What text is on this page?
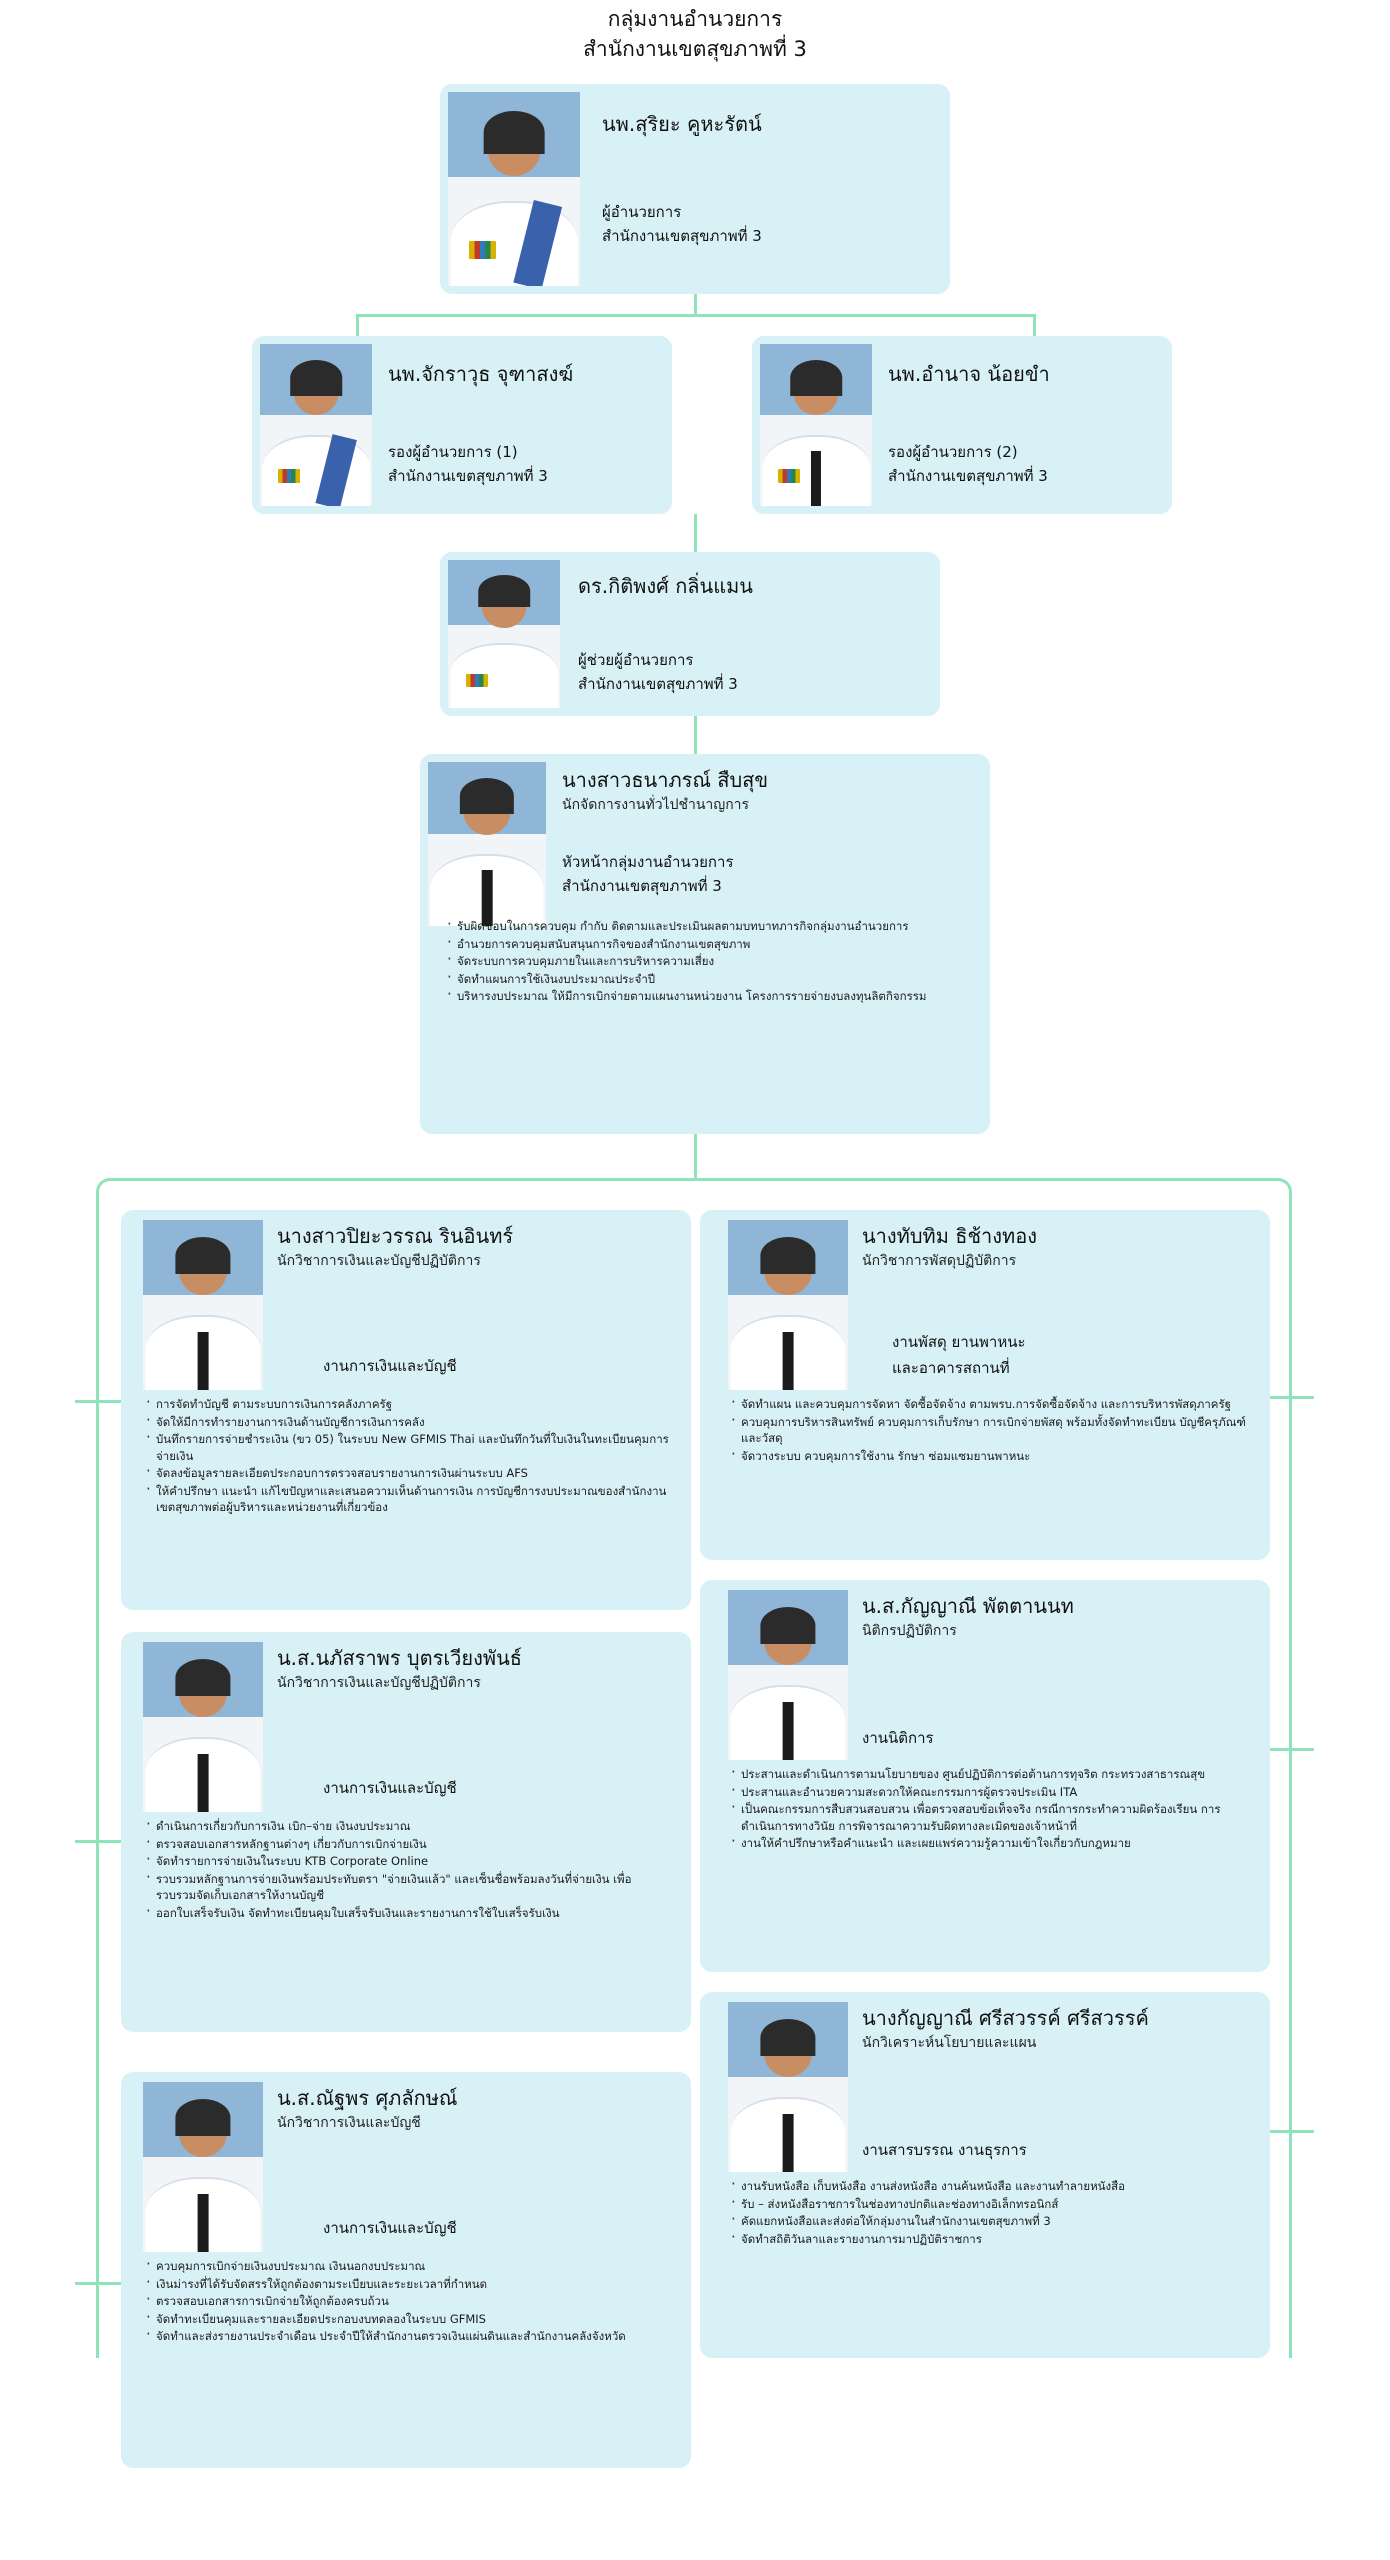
กลุ่มงานอำนวยการ
สำนักงานเขตสุขภาพที่ 3
นพ.สุริยะ คูหะรัตน์
ผู้อำนวยการ
สำนักงานเขตสุขภาพที่ 3
นพ.จักราวุธ จุฑาสงฆ์
รองผู้อำนวยการ (1)
สำนักงานเขตสุขภาพที่ 3
นพ.อำนาจ น้อยขำ
รองผู้อำนวยการ (2)
สำนักงานเขตสุขภาพที่ 3
ดร.กิติพงศ์ กลิ่นแมน
ผู้ช่วยผู้อำนวยการ
สำนักงานเขตสุขภาพที่ 3
นางสาวธนาภรณ์ สืบสุข
นักจัดการงานทั่วไปชำนาญการ
หัวหน้ากลุ่มงานอำนวยการ
สำนักงานเขตสุขภาพที่ 3
· รับผิดชอบในการควบคุม กำกับ ติดตามและประเมินผลตามบทบาทภารกิจกลุ่มงานอำนวยการ
· อำนวยการควบคุมสนับสนุนการกิจของสำนักงานเขตสุขภาพ
· จัดระบบการควบคุมภายในและการบริหารความเสี่ยง
· จัดทำแผนการใช้เงินงบประมาณประจำปี
· บริหารงบประมาณ ให้มีการเบิกจ่ายตามแผนงานหน่วยงาน โครงการรายจ่ายงบลงทุนลิตกิจกรรม
นางสาวปิยะวรรณ รินอินทร์
นักวิชาการเงินและบัญชีปฏิบัติการ
งานการเงินและบัญชี
· การจัดทำบัญชี ตามระบบการเงินการคลังภาครัฐ
· จัดให้มีการทำรายงานการเงินด้านบัญชีการเงินการคลัง
· บันทึกรายการจ่ายชำระเงิน (ขว 05) ในระบบ New GFMIS Thai และบันทึกวันที่ใบเงินในทะเบียนคุมการจ่ายเงิน
· จัดลงข้อมูลรายละเอียดประกอบการตรวจสอบรายงานการเงินผ่านระบบ AFS
· ให้คำปรึกษา แนะนำ แก้ไขปัญหาและเสนอความเห็นด้านการเงิน การบัญชีการงบประมาณของสำนักงานเขตสุขภาพต่อผู้บริหารและหน่วยงานที่เกี่ยวข้อง
น.ส.นภัสราพร บุตรเวียงพันธ์
นักวิชาการเงินและบัญชีปฏิบัติการ
งานการเงินและบัญชี
· ดำเนินการเกี่ยวกับการเงิน เบิก–จ่าย เงินงบประมาณ
· ตรวจสอบเอกสารหลักฐานต่างๆ เกี่ยวกับการเบิกจ่ายเงิน
· จัดทำรายการจ่ายเงินในระบบ KTB Corporate Online
· รวบรวมหลักฐานการจ่ายเงินพร้อมประทับตรา "จ่ายเงินแล้ว" และเซ็นชื่อพร้อมลงวันที่จ่ายเงิน เพื่อรวบรวมจัดเก็บเอกสารให้งานบัญชี
· ออกใบเสร็จรับเงิน จัดทำทะเบียนคุมใบเสร็จรับเงินและรายงานการใช้ใบเสร็จรับเงิน
น.ส.ณัฐพร ศุภลักษณ์
นักวิชาการเงินและบัญชี
งานการเงินและบัญชี
· ควบคุมการเบิกจ่ายเงินงบประมาณ เงินนอกงบประมาณ
· เงินม่ารงที่ได้รับจัดสรรให้ถูกต้องตามระเบียบและระยะเวลาที่กำหนด
· ตรวจสอบเอกสารการเบิกจ่ายให้ถูกต้องครบถ้วน
· จัดทำทะเบียนคุมและรายละเอียดประกอบงบทดลองในระบบ GFMIS
· จัดทำและส่งรายงานประจำเดือน ประจำปีให้สำนักงานตรวจเงินแผ่นดินและสำนักงานคลังจังหวัด
นางทับทิม ธิช้างทอง
นักวิชาการพัสดุปฏิบัติการ
งานพัสดุ ยานพาหนะ
และอาคารสถานที่
· จัดทำแผน และควบคุมการจัดหา จัดซื้อจัดจ้าง ตามพรบ.การจัดซื้อจัดจ้าง และการบริหารพัสดุภาครัฐ
· ควบคุมการบริหารสินทรัพย์ ควบคุมการเก็บรักษา การเบิกจ่ายพัสดุ พร้อมทั้งจัดทำทะเบียน บัญชีครุภัณฑ์และวัสดุ
· จัดวางระบบ ควบคุมการใช้งาน รักษา ซ่อมแซมยานพาหนะ
น.ส.กัญญาณี พัตตานนท
นิติกรปฏิบัติการ
งานนิติการ
· ประสานและดำเนินการตามนโยบายของ ศูนย์ปฏิบัติการต่อต้านการทุจริต กระทรวงสาธารณสุข
· ประสานและอำนวยความสะดวกให้คณะกรรมการผู้ตรวจประเมิน ITA
· เป็นคณะกรรมการสืบสวนสอบสวน เพื่อตรวจสอบข้อเท็จจริง กรณีการกระทำความผิดร้องเรียน การดำเนินการทางวินัย การพิจารณาความรับผิดทางละเมิดของเจ้าหน้าที่
· งานให้คำปรึกษาหรือคำแนะนำ และเผยแพร่ความรู้ความเข้าใจเกี่ยวกับกฎหมาย
นางกัญญาณี ศรีสวรรค์ ศรีสวรรค์
นักวิเคราะห์นโยบายและแผน
งานสารบรรณ งานธุรการ
· งานรับหนังสือ เก็บหนังสือ งานส่งหนังสือ งานค้นหนังสือ และงานทำลายหนังสือ
· รับ – ส่งหนังสือราชการในช่องทางปกติและช่องทางอิเล็กทรอนิกส์
· คัดแยกหนังสือและส่งต่อให้กลุ่มงานในสำนักงานเขตสุขภาพที่ 3
· จัดทำสถิติวันลาและรายงานการมาปฏิบัติราชการ
